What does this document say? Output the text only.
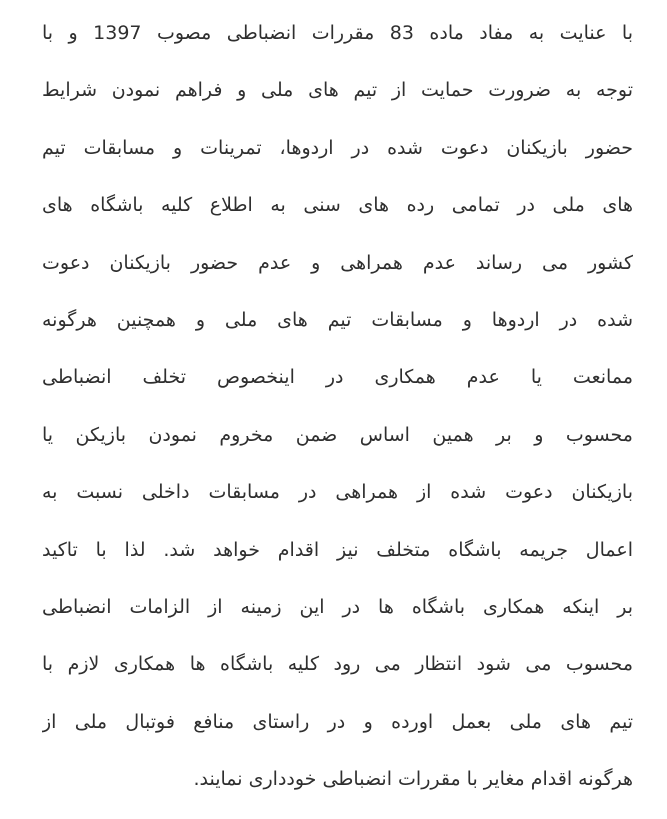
با عنایت به مفاد ماده 83 مقررات انضباطی مصوب 1397 و با
توجه به ضرورت حمایت از تیم های ملی و فراهم نمودن شرایط
حضور بازیکنان دعوت شده در اردوها، تمرینات و مسابقات تیم
های ملی در تمامی رده های سنی به اطلاع کلیه باشگاه های
کشور می رساند عدم همراهی و عدم حضور بازیکنان دعوت
شده در اردوها و مسابقات تیم های ملی و همچنین هرگونه
ممانعت یا عدم همکاری در اینخصوص تخلف انضباطی
محسوب و بر همین اساس ضمن مخروم نمودن بازیکن یا
بازیکنان دعوت شده از همراهی در مسابقات داخلی نسبت به
اعمال جریمه باشگاه متخلف نیز اقدام خواهد شد. لذا با تاکید
بر اینکه همکاری باشگاه ها در این زمینه از الزامات انضباطی
محسوب می شود انتظار می رود کلیه باشگاه ها همکاری لازم با
تیم های ملی بعمل اورده و در راستای منافع فوتبال ملی از
هرگونه اقدام مغایر با مقررات انضباطی خودداری نمایند.
